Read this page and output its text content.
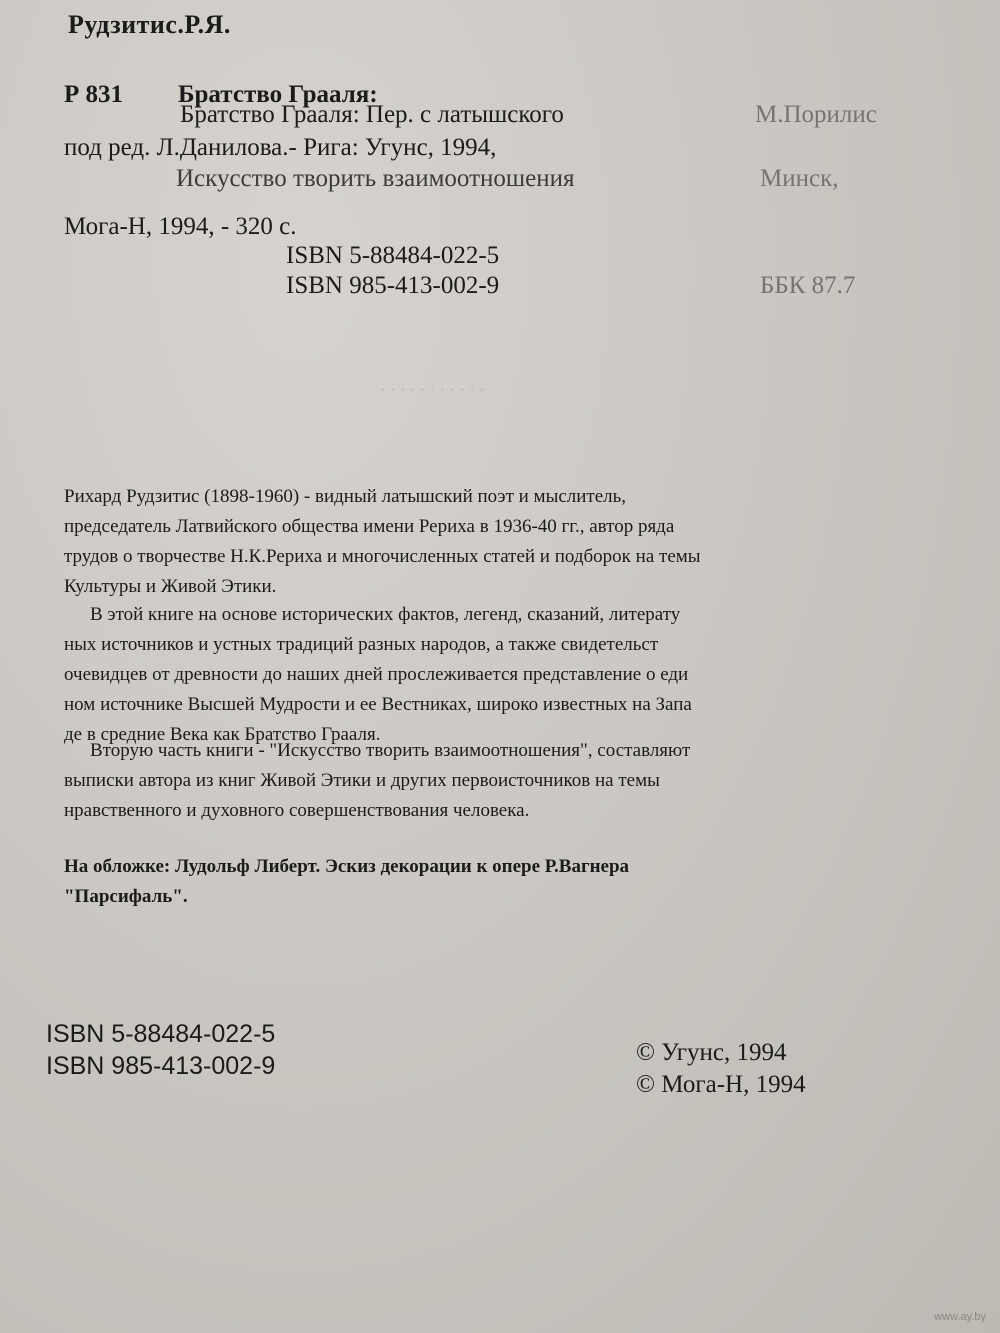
· · · · · · · · · · ·
Рудзитис.Р.Я.
Р 831 Братство Грааля:
Братство Грааля: Пер. с латышского	М.Порилис
под ред. Л.Данилова.- Рига: Угунс, 1994,
Искусство творить взаимоотношения	Минск,
Мога-Н, 1994, - 320 с.
ISBN 5-88484-022-5
ISBN 985-413-002-9	ББК 87.7
Рихард Рудзитис (1898-1960) - видный латышский поэт и мыслитель,
председатель Латвийского общества имени Рериха в 1936-40 гг., автор ряда
трудов о творчестве Н.К.Рериха и многочисленных статей и подборок на темы
Культуры и Живой Этики.
В этой книге на основе исторических фактов, легенд, сказаний, литерату
ных источников и устных традиций разных народов, а также свидетельст
очевидцев от древности до наших дней прослеживается представление о еди
ном источнике Высшей Мудрости и ее Вестниках, широко известных на Запа
де в средние Века как Братство Грааля.
Вторую часть книги - "Искусство творить взаимоотношения", составляют
выписки автора из книг Живой Этики и других первоисточников на темы
нравственного и духовного совершенствования человека.
На обложке: Лудольф Либерт. Эскиз декорации к опере Р.Вагнера
"Парсифаль".
ISBN 5-88484-022-5
ISBN 985-413-002-9	© Угунс, 1994
© Мога-Н, 1994
www.ay.by
